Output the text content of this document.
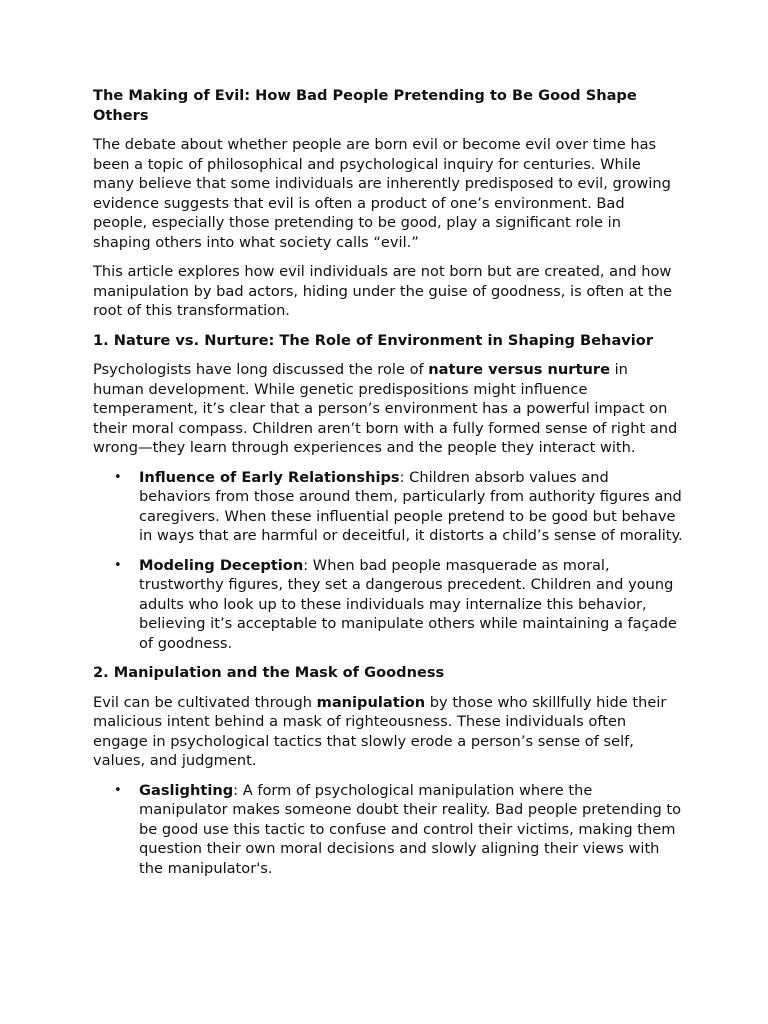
The Making of Evil: How Bad People Pretending to Be Good Shape Others

The debate about whether people are born evil or become evil over time has been a topic of philosophical and psychological inquiry for centuries. While many believe that some individuals are inherently predisposed to evil, growing evidence suggests that evil is often a product of one’s environment. Bad people, especially those pretending to be good, play a significant role in shaping others into what society calls “evil.”

This article explores how evil individuals are not born but are created, and how manipulation by bad actors, hiding under the guise of goodness, is often at the root of this transformation.

1. Nature vs. Nurture: The Role of Environment in Shaping Behavior

Psychologists have long discussed the role of nature versus nurture in human development. While genetic predispositions might influence temperament, it’s clear that a person’s environment has a powerful impact on their moral compass. Children aren’t born with a fully formed sense of right and wrong—they learn through experiences and the people they interact with.

• Influence of Early Relationships: Children absorb values and behaviors from those around them, particularly from authority figures and caregivers. When these influential people pretend to be good but behave in ways that are harmful or deceitful, it distorts a child’s sense of morality.
• Modeling Deception: When bad people masquerade as moral, trustworthy figures, they set a dangerous precedent. Children and young adults who look up to these individuals may internalize this behavior, believing it’s acceptable to manipulate others while maintaining a façade of goodness.
2. Manipulation and the Mask of Goodness

Evil can be cultivated through manipulation by those who skillfully hide their malicious intent behind a mask of righteousness. These individuals often engage in psychological tactics that slowly erode a person’s sense of self, values, and judgment.

• Gaslighting: A form of psychological manipulation where the manipulator makes someone doubt their reality. Bad people pretending to be good use this tactic to confuse and control their victims, making them question their own moral decisions and slowly aligning their views with the manipulator's.
